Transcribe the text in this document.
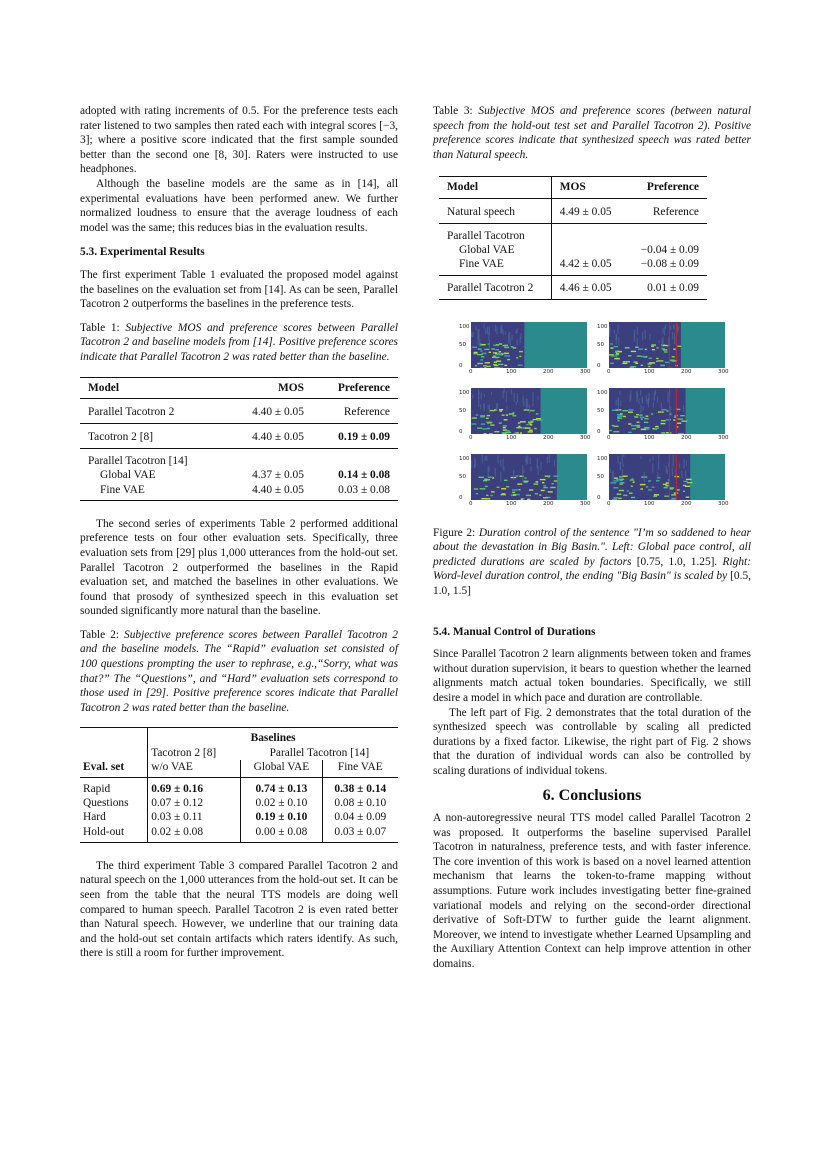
adopted with rating increments of 0.5. For the preference tests each rater listened to two samples then rated each with integral scores [−3, 3]; where a positive score indicated that the first sample sounded better than the second one [8, 30]. Raters were instructed to use headphones.

Although the baseline models are the same as in [14], all experimental evaluations have been performed anew. We further normalized loudness to ensure that the average loudness of each model was the same; this reduces bias in the evaluation results.

5.3. Experimental Results

The first experiment Table 1 evaluated the proposed model against the baselines on the evaluation set from [14]. As can be seen, Parallel Tacotron 2 outperforms the baselines in the preference tests.

Table 1: Subjective MOS and preference scores between Parallel Tacotron 2 and baseline models from [14]. Positive preference scores indicate that Parallel Tacotron 2 was rated better than the baseline.

Model	MOS	Preference
Parallel Tacotron 2	4.40 ± 0.05	Reference
Tacotron 2 [8]	4.40 ± 0.05	0.19 ± 0.09
Parallel Tacotron [14]		
Global VAE	4.37 ± 0.05	0.14 ± 0.08
Fine VAE	4.40 ± 0.05	0.03 ± 0.08

The second series of experiments Table 2 performed additional preference tests on four other evaluation sets. Specifically, three evaluation sets from [29] plus 1,000 utterances from the hold-out set. Parallel Tacotron 2 outperformed the baselines in the Rapid evaluation set, and matched the baselines in other evaluations. We found that prosody of synthesized speech in this evaluation set sounded significantly more natural than the baseline.

Table 2: Subjective preference scores between Parallel Tacotron 2 and the baseline models. The “Rapid” evaluation set consisted of 100 questions prompting the user to rephrase, e.g.,“Sorry, what was that?” The “Questions”, and “Hard” evaluation sets correspond to those used in [29]. Positive preference scores indicate that Parallel Tacotron 2 was rated better than the baseline.

	Baselines		
	Tacotron 2 [8]	Parallel Tacotron [14]	
Eval. set	w/o VAE	Global VAE	Fine VAE
Rapid	0.69 ± 0.16	0.74 ± 0.13	0.38 ± 0.14
Questions	0.07 ± 0.12	0.02 ± 0.10	0.08 ± 0.10
Hard	0.03 ± 0.11	0.19 ± 0.10	0.04 ± 0.09
Hold-out	0.02 ± 0.08	0.00 ± 0.08	0.03 ± 0.07

The third experiment Table 3 compared Parallel Tacotron 2 and natural speech on the 1,000 utterances from the hold-out set. It can be seen from the table that the neural TTS models are doing well compared to human speech. Parallel Tacotron 2 is even rated better than Natural speech. However, we underline that our training data and the hold-out set contain artifacts which raters identify. As such, there is still a room for further improvement.

Table 3: Subjective MOS and preference scores (between natural speech from the hold-out test set and Parallel Tacotron 2). Positive preference scores indicate that synthesized speech was rated better than Natural speech.

Model	MOS	Preference
Natural speech	4.49 ± 0.05	Reference
Parallel Tacotron		
Global VAE		−0.04 ± 0.09
Fine VAE	4.42 ± 0.05	−0.08 ± 0.09
Parallel Tacotron 2	4.46 ± 0.05	0.01 ± 0.09
100
50
0
0	100	200	300
100
50
0
0	100	200	300
100
50
0
0	100	200	300
100
50
0
0	100	200	300
100
50
0
0	100	200	300
100
50
0
0	100	200	300

Figure 2: Duration control of the sentence "I’m so saddened to hear about the devastation in Big Basin.". Left: Global pace control, all predicted durations are scaled by factors [0.75, 1.0, 1.25]. Right: Word-level duration control, the ending "Big Basin" is scaled by [0.5, 1.0, 1.5]

5.4. Manual Control of Durations

Since Parallel Tacotron 2 learn alignments between token and frames without duration supervision, it bears to question whether the learned alignments match actual token boundaries. Specifically, we still desire a model in which pace and duration are controllable.

The left part of Fig. 2 demonstrates that the total duration of the synthesized speech was controllable by scaling all predicted durations by a fixed factor. Likewise, the right part of Fig. 2 shows that the duration of individual words can also be controlled by scaling durations of individual tokens.

6. Conclusions

A non-autoregressive neural TTS model called Parallel Tacotron 2 was proposed. It outperforms the baseline supervised Parallel Tacotron in naturalness, preference tests, and with faster inference. The core invention of this work is based on a novel learned attention mechanism that learns the token-to-frame mapping without assumptions. Future work includes investigating better fine-grained variational models and relying on the second-order directional derivative of Soft-DTW to further guide the learnt alignment. Moreover, we intend to investigate whether Learned Upsampling and the Auxiliary Attention Context can help improve attention in other domains.
